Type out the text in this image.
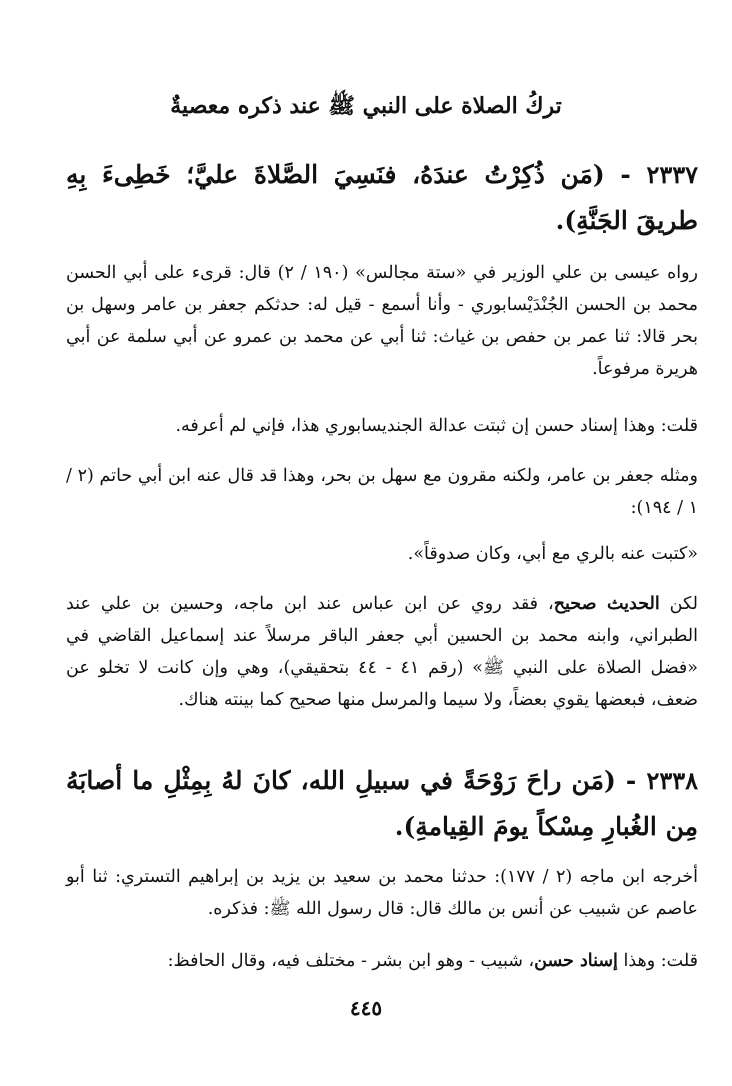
تركُ الصلاة على النبي ﷺ عند ذكره معصيةٌ
٢٣٣٧ - (مَن ذُكِرْتُ عندَهُ، فنَسِيَ الصَّلاةَ عليَّ؛ خَطِىءَ بِهِ طريقَ الجَنَّةِ).
رواه عيسى بن علي الوزير في «ستة مجالس» (١٩٠ / ٢) قال: قرىء على أبي الحسن محمد بن الحسن الجُنْدَيْسابوري - وأنا أسمع - قيل له: حدثكم جعفر بن عامر وسهل بن بحر قالا: ثنا عمر بن حفص بن غياث: ثنا أبي عن محمد بن عمرو عن أبي سلمة عن أبي هريرة مرفوعاً.
قلت: وهذا إسناد حسن إن ثبتت عدالة الجنديسابوري هذا، فإني لم أعرفه.
ومثله جعفر بن عامر، ولكنه مقرون مع سهل بن بحر، وهذا قد قال عنه ابن أبي حاتم (٢ / ١ / ١٩٤):
«كتبت عنه بالري مع أبي، وكان صدوقاً».
لكن الحديث صحيح، فقد روي عن ابن عباس عند ابن ماجه، وحسين بن علي عند الطبراني، وابنه محمد بن الحسين أبي جعفر الباقر مرسلاً عند إسماعيل القاضي في «فضل الصلاة على النبي ﷺ» (رقم ٤١ - ٤٤ بتحقيقي)، وهي وإن كانت لا تخلو عن ضعف، فبعضها يقوي بعضاً، ولا سيما والمرسل منها صحيح كما بينته هناك.
٢٣٣٨ - (مَن راحَ رَوْحَةً في سبيلِ الله، كانَ لهُ بِمِثْلِ ما أصابَهُ مِن الغُبارِ مِسْكاً يومَ القِيامةِ).
أخرجه ابن ماجه (٢ / ١٧٧): حدثنا محمد بن سعيد بن يزيد بن إبراهيم التستري: ثنا أبو عاصم عن شبيب عن أنس بن مالك قال: قال رسول الله ﷺ: فذكره.
قلت: وهذا إسناد حسن، شبيب - وهو ابن بشر - مختلف فيه، وقال الحافظ:
٤٤٥
